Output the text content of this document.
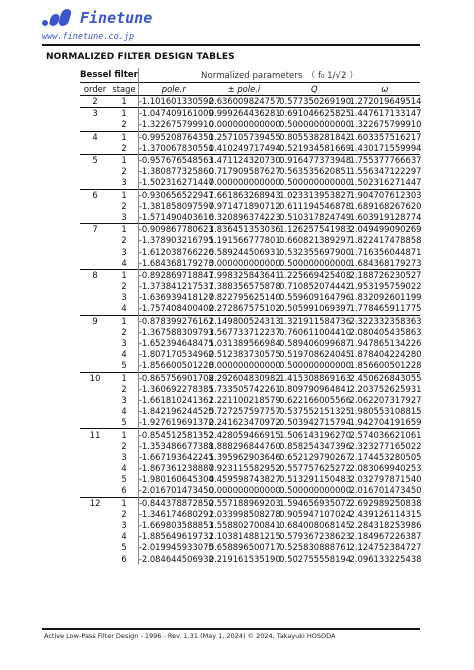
Finetune
www.finetune.co.jp
NORMALIZED FILTER DESIGN TABLES
Bessel filter		Normalized parameters　（ f₀ 1/√2 ）			
order	stage	pole.r	± pole.i	Q	ω
2	1	-1.101601330592	0.636009824757	0.577350269190	1.272019649514
3	1	-1.047409161009	0.999264436281	0.691046625825	1.447617133147
	2	-1.322675799910	0.000000000000	0.500000000000	1.322675799910
4	1	-0.995208764350	1.257105739455	0.805538281842	1.603357516217
	2	-1.370067830551	0.410249717494	0.521934581669	1.430171559994
5	1	-0.957676548563	1.471124320730	0.916477373948	1.755377766637
	2	-1.380877325860	0.717909587627	0.563535620851	1.556347122297
	3	-1.502316271447	0.000000000000	0.500000000000	1.502316271447
6	1	-0.930656522947	1.661863268943	1.023313953827	1.904707612303
	2	-1.381858097597	0.971471890712	0.611194546878	1.689168267620
	3	-1.571490403616	0.320896374223	0.510317824749	1.603919128774
7	1	-0.909867780623	1.836451353036	1.126257541983	2.049499090269
	2	-1.378903216795	1.191566777801	0.660821389297	1.822417478858
	3	-1.612038766226	0.589244506931	0.532355697900	1.716356044871
	4	-1.684368179273	0.000000000000	0.500000000000	1.684368179273
8	1	-0.892869718847	1.998325843641	1.225669425408	2.188726230527
	2	-1.373841217537	1.388356575878	0.710852074442	1.953195759022
	3	-1.636939418127	0.822795625140	0.559609164796	1.832092601199
	4	-1.757408400402	0.272867575102	0.505991069397	1.778465911775
9	1	-0.878399276161	2.149800524313	1.321911584736	2.322332358363
	2	-1.367588309793	1.567733712237	0.760611004410	2.080405435863
	3	-1.652394648475	1.031389566984	0.589406099687	1.947865134226
	4	-1.807170534962	0.512383730575	0.519708624045	1.878404224280
	5	-1.856600501228	0.000000000000	0.500000000000	1.856600501228
10	1	-0.865756901708	2.292604830982	1.415308869163	2.450626843055
	2	-1.360692278385	1.733505742261	0.809790964841	2.203752625931
	3	-1.661810241362	1.221100218579	0.622166005566	2.062207317927
	4	-1.842196244525	0.727257597757	0.537552151325	1.980553108815
	5	-1.927619691372	0.241623470972	0.503942715794	1.942704191659
11	1	-0.854512581352	2.428059466915	1.506143196270	2.574036621061
	2	-1.353486677388	1.888296844760	0.858254347396	2.323277165022
	3	-1.667193642245	1.395962903646	0.652129790267	2.174453280505
	4	-1.867361238887	0.923115582952	0.557757625272	2.083069940253
	5	-1.980160645304	0.459598743827	0.513291150483	2.032797871540
	6	-2.016701473450	0.000000000000	0.500000000000	2.016701473450
12	1	-0.844378872850	2.557188969203	1.594656935072	2.692989250838
	2	-1.346174680291	2.033998508278	0.905947107024	2.439126114315
	3	-1.669803588853	1.558802700841	0.684008068145	2.284318253986
	4	-1.885649619732	1.103814881215	0.579367238623	2.184967226387
	5	-2.019945933075	0.658896500717	0.525830888761	2.124752384727
	6	-2.084644506932	0.219161535190	0.502755558194	2.096133225438
Active Low-Pass Filter Design - 1996 - Rev. 1.31 (May 1, 2024) © 2024, Takayuki HOSODA
